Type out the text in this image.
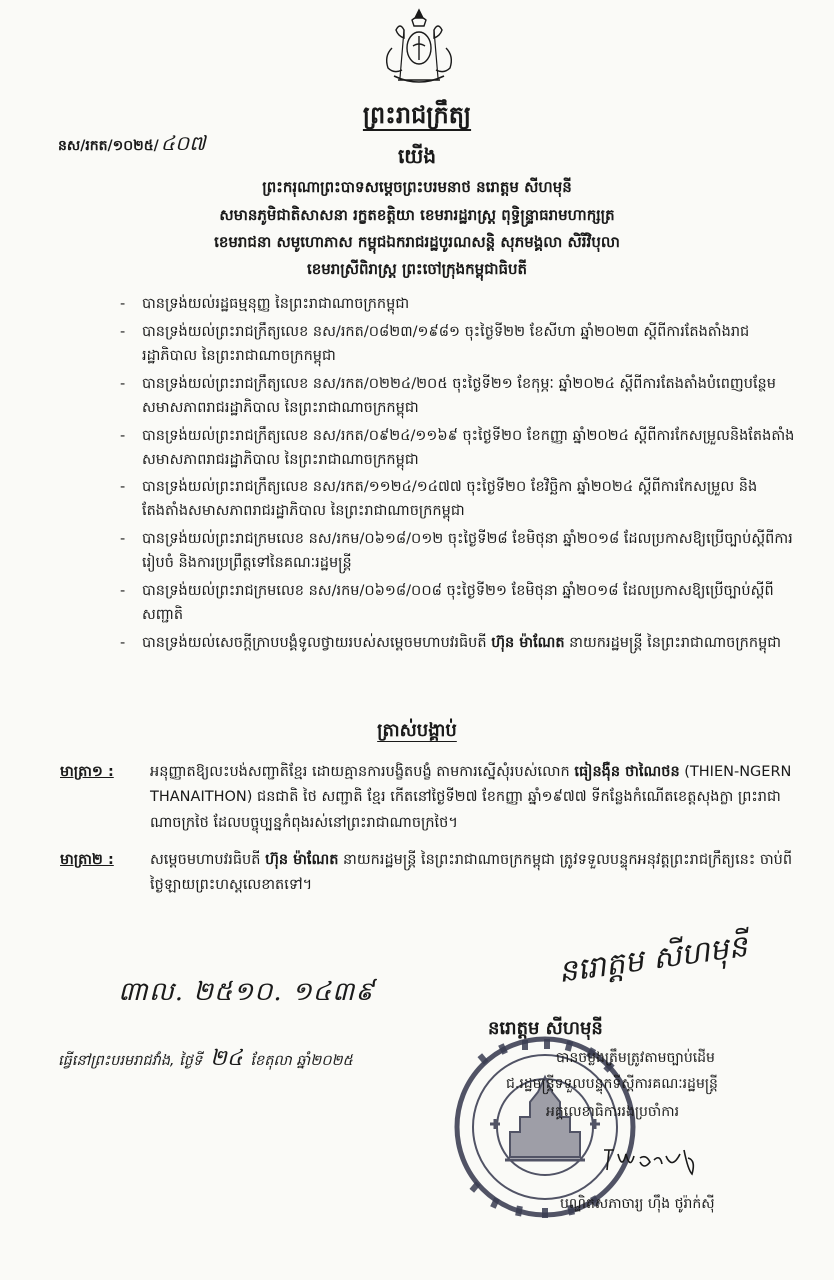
ព្រះរាជក្រឹត្យ
នស/រកត/១០២៥/ ៤០៧
យើង
ព្រះករុណាព្រះបាទសម្តេចព្រះបរមនាថ នរោត្តម សីហមុនី
សមានភូមិជាតិសាសនា រក្ខតខត្តិយា ខេមរារដ្ឋរាស្ត្រ ពុទ្ធិន្ទ្រាធរាមហាក្សត្រ
ខេមរាជនា សមូហោភាស កម្ពុជឯករាជរដ្ឋបូរណសន្តិ សុភមង្គលា សិរីវិបុលា
ខេមរាស្រីពិរាស្ត្រ ព្រះចៅក្រុងកម្ពុជាធិបតី
- បានទ្រង់យល់រដ្ឋធម្មនុញ្ញ នៃព្រះរាជាណាចក្រកម្ពុជា
- បានទ្រង់យល់ព្រះរាជក្រឹត្យលេខ នស/រកត/០៨២៣/១៩៨១ ចុះថ្ងៃទី២២ ខែសីហា ឆ្នាំ២០២៣ ស្តីពីការតែងតាំងរាជរដ្ឋាភិបាល នៃព្រះរាជាណាចក្រកម្ពុជា
- បានទ្រង់យល់ព្រះរាជក្រឹត្យលេខ នស/រកត/០២២៤/២០៥ ចុះថ្ងៃទី២១ ខែកុម្ភៈ ឆ្នាំ២០២៤ ស្តីពីការតែងតាំងបំពេញបន្ថែមសមាសភាពរាជរដ្ឋាភិបាល នៃព្រះរាជាណាចក្រកម្ពុជា
- បានទ្រង់យល់ព្រះរាជក្រឹត្យលេខ នស/រកត/០៩២៤/១១៦៩ ចុះថ្ងៃទី២០ ខែកញ្ញា ឆ្នាំ២០២៤ ស្តីពីការកែសម្រួលនិងតែងតាំងសមាសភាពរាជរដ្ឋាភិបាល នៃព្រះរាជាណាចក្រកម្ពុជា
- បានទ្រង់យល់ព្រះរាជក្រឹត្យលេខ នស/រកត/១១២៤/១៤៧៧ ចុះថ្ងៃទី២០ ខែវិច្ឆិកា ឆ្នាំ២០២៤ ស្តីពីការកែសម្រួល និងតែងតាំងសមាសភាពរាជរដ្ឋាភិបាល នៃព្រះរាជាណាចក្រកម្ពុជា
- បានទ្រង់យល់ព្រះរាជក្រមលេខ នស/រកម/០៦១៨/០១២ ចុះថ្ងៃទី២៨ ខែមិថុនា ឆ្នាំ២០១៨ ដែលប្រកាសឱ្យប្រើច្បាប់ស្តីពីការរៀបចំ និងការប្រព្រឹត្តទៅនៃគណៈរដ្ឋមន្ត្រី
- បានទ្រង់យល់ព្រះរាជក្រមលេខ នស/រកម/០៦១៨/០០៨ ចុះថ្ងៃទី២១ ខែមិថុនា ឆ្នាំ២០១៨ ដែលប្រកាសឱ្យប្រើច្បាប់ស្តីពីសញ្ជាតិ
- បានទ្រង់យល់សេចក្តីក្រាបបង្គំទូលថ្វាយរបស់សម្តេចមហាបវរធិបតី ហ៊ុន ម៉ាណែត នាយករដ្ឋមន្ត្រី នៃព្រះរាជាណាចក្រកម្ពុជា
ត្រាស់បង្គាប់
មាត្រា១ : អនុញ្ញាតឱ្យលះបង់សញ្ជាតិខ្មែរ ដោយគ្មានការបង្ខិតបង្ខំ តាមការស្នើសុំរបស់លោក ធៀនង៉ឺន ថាណៃថន (THIEN-NGERN THANAITHON) ជនជាតិ ថៃ សញ្ជាតិ ខ្មែរ កើតនៅថ្ងៃទី២៧ ខែកញ្ញា ឆ្នាំ១៩៧៧ ទីកន្លែងកំណើតខេត្តសុងក្លា ព្រះរាជាណាចក្រថៃ ដែលបច្ចុប្បន្នកំពុងរស់នៅព្រះរាជាណាចក្រថៃ។
មាត្រា២ : សម្តេចមហាបវរធិបតី ហ៊ុន ម៉ាណែត នាយករដ្ឋមន្ត្រី នៃព្រះរាជាណាចក្រកម្ពុជា ត្រូវទទួលបន្ទុកអនុវត្តព្រះរាជក្រឹត្យនេះ ចាប់ពីថ្ងៃឡាយព្រះហស្តលេខាតទៅ។
នរោត្តម សីហមុនី
៣ាល. ២៥១០. ១៤៣៩
នរោត្តម សីហមុនី
ធ្វើនៅព្រះបរមរាជវាំង, ថ្ងៃទី ២៤ ខែតុលា ឆ្នាំ២០២៥	បានចម្លងត្រឹមត្រូវតាមច្បាប់ដើម
ជ.រដ្ឋមន្ត្រីទទួលបន្ទុកទីស្តីការគណៈរដ្ឋមន្ត្រី
អគ្គលេខាធិការរងប្រចាំការ
បណ្ឌិតសភាចារ្យ ហ៊ឹង ថូរ៉ាក់ស៊ី
